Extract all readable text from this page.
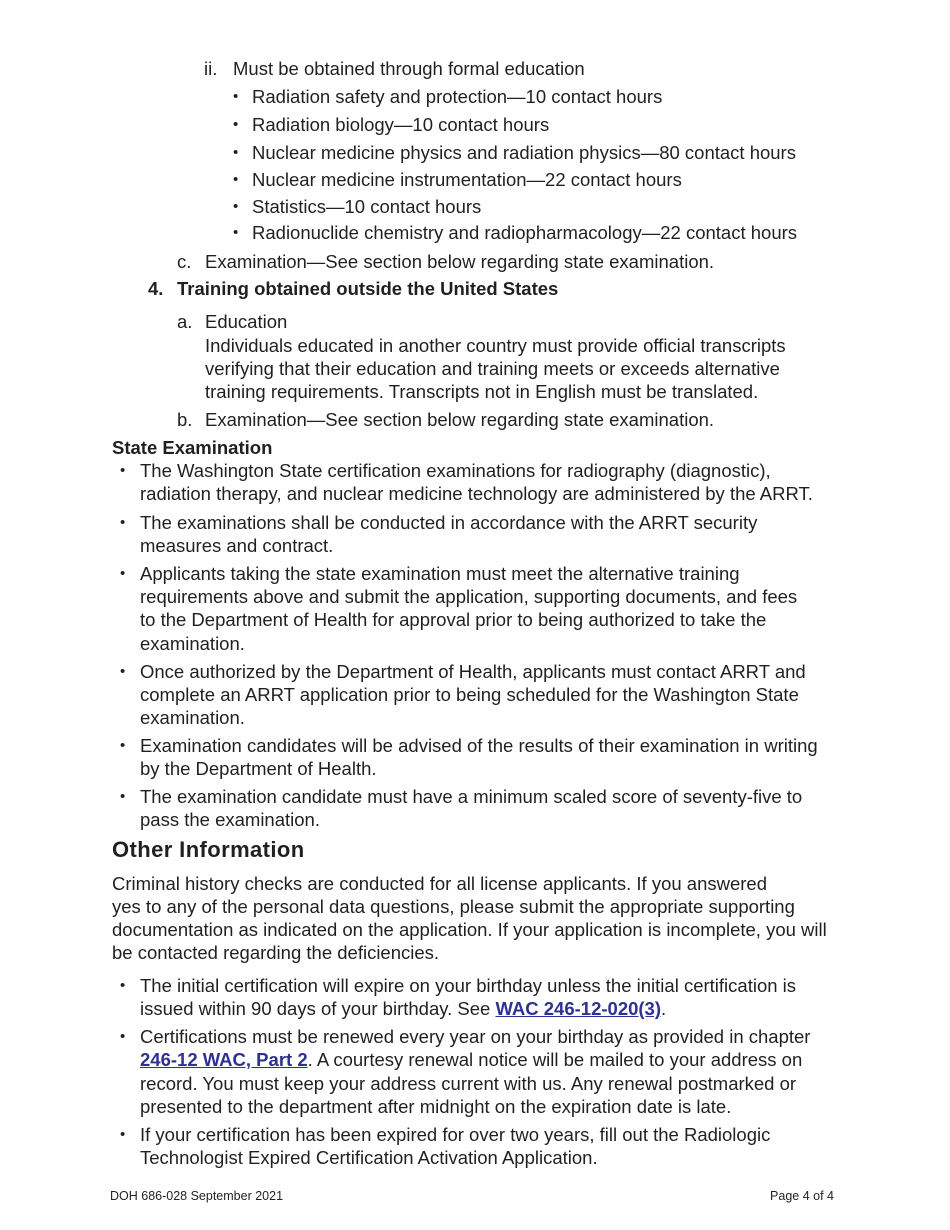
ii. Must be obtained through formal education
• Radiation safety and protection—10 contact hours
• Radiation biology—10 contact hours
• Nuclear medicine physics and radiation physics—80 contact hours
• Nuclear medicine instrumentation—22 contact hours
• Statistics—10 contact hours
• Radionuclide chemistry and radiopharmacology—22 contact hours
c. Examination—See section below regarding state examination.
4. Training obtained outside the United States
a. Education
Individuals educated in another country must provide official transcripts
verifying that their education and training meets or exceeds alternative
training requirements. Transcripts not in English must be translated.
b. Examination—See section below regarding state examination.
State Examination
• The Washington State certification examinations for radiography (diagnostic),
radiation therapy, and nuclear medicine technology are administered by the ARRT.
• The examinations shall be conducted in accordance with the ARRT security
measures and contract.
• Applicants taking the state examination must meet the alternative training
requirements above and submit the application, supporting documents, and fees
to the Department of Health for approval prior to being authorized to take the
examination.
• Once authorized by the Department of Health, applicants must contact ARRT and
complete an ARRT application prior to being scheduled for the Washington State
examination.
• Examination candidates will be advised of the results of their examination in writing
by the Department of Health.
• The examination candidate must have a minimum scaled score of seventy-five to
pass the examination.
Other Information
Criminal history checks are conducted for all license applicants. If you answered
yes to any of the personal data questions, please submit the appropriate supporting
documentation as indicated on the application. If your application is incomplete, you will
be contacted regarding the deficiencies.
• The initial certification will expire on your birthday unless the initial certification is
issued within 90 days of your birthday. See WAC 246-12-020(3).
• Certifications must be renewed every year on your birthday as provided in chapter
246-12 WAC, Part 2. A courtesy renewal notice will be mailed to your address on
record. You must keep your address current with us. Any renewal postmarked or
presented to the department after midnight on the expiration date is late.
• If your certification has been expired for over two years, fill out the Radiologic
Technologist Expired Certification Activation Application.
DOH 686-028 September 2021	Page 4 of 4
